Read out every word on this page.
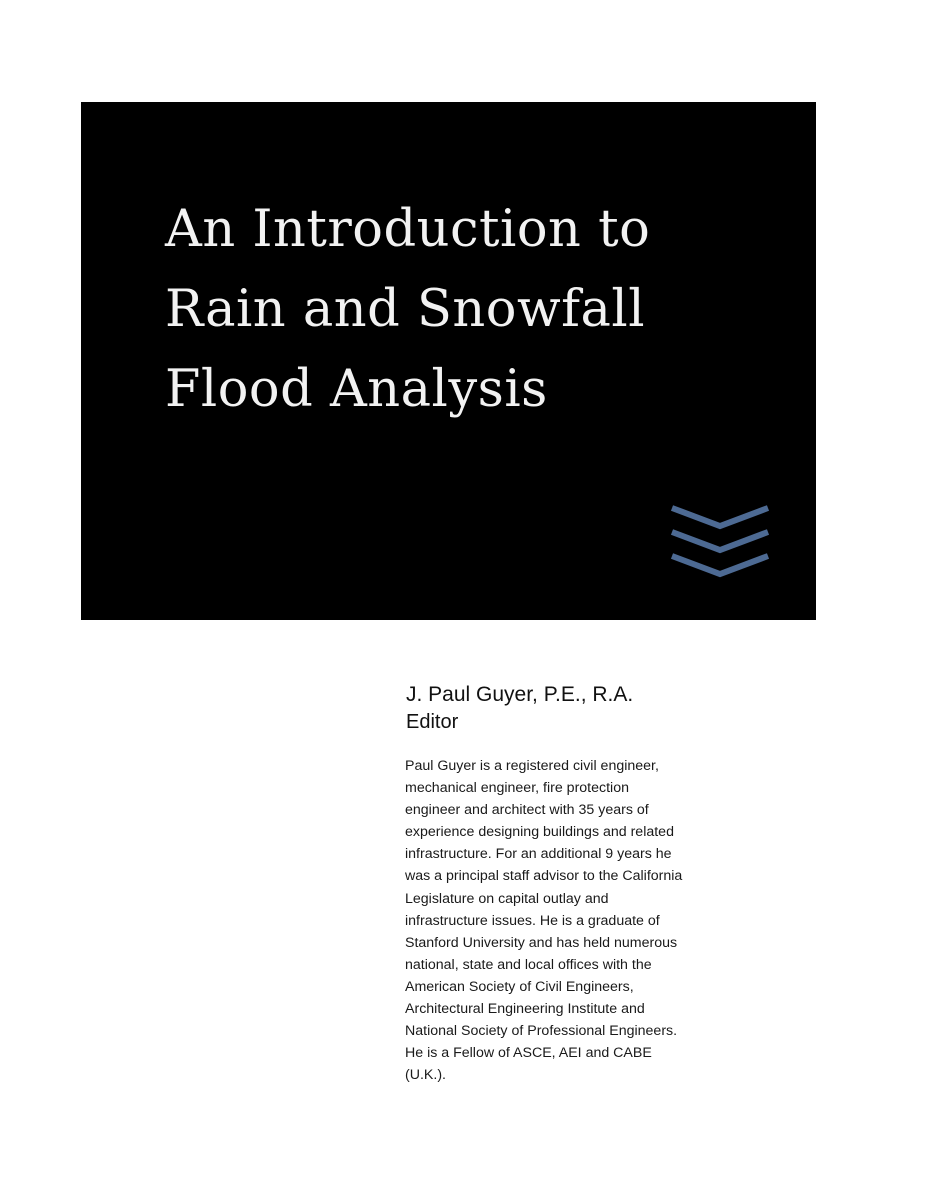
An Introduction to
Rain and Snowfall
Flood Analysis
J. Paul Guyer, P.E., R.A.
Editor
Paul Guyer is a registered civil engineer,
mechanical engineer, fire protection
engineer and architect with 35 years of
experience designing buildings and related
infrastructure. For an additional 9 years he
was a principal staff advisor to the California
Legislature on capital outlay and
infrastructure issues. He is a graduate of
Stanford University and has held numerous
national, state and local offices with the
American Society of Civil Engineers,
Architectural Engineering Institute and
National Society of Professional Engineers.
He is a Fellow of ASCE, AEI and CABE
(U.K.).
